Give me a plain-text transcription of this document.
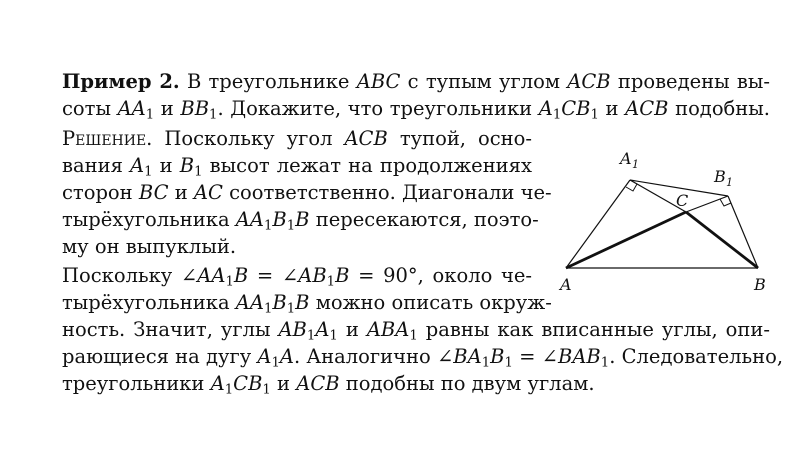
Пример 2. В треугольнике ABC с тупым углом ACB проведены вы-
соты $AA_1$ и $BB_1$. Докажите, что треугольники $A_1CB_1$ и ACB подобны.
Решение. Поскольку угол ACB тупой, осно-
вания $A_1$ и $B_1$ высот лежат на продолжениях
сторон BC и AC соответственно. Диагонали че-
тырёхугольника $AA_1B_1B$ пересекаются, поэто-
му он выпуклый.
Поскольку $\angle AA_1B$ = $\angle AB_1B = 90^\circ$, около че-
тырёхугольника $AA_1B_1B$ можно описать окруж-
ность. Значит, углы $AB_1A_1$ и $ABA_1$ равны как вписанные углы, опи-
рающиеся на дугу $A_1A$. Аналогично $\angle BA_1B_1$ = $\angle BAB_1$. Следовательно,
треугольники $A_1CB_1$ и ACB подобны по двум углам.
A	B
C
A 1
B 1
